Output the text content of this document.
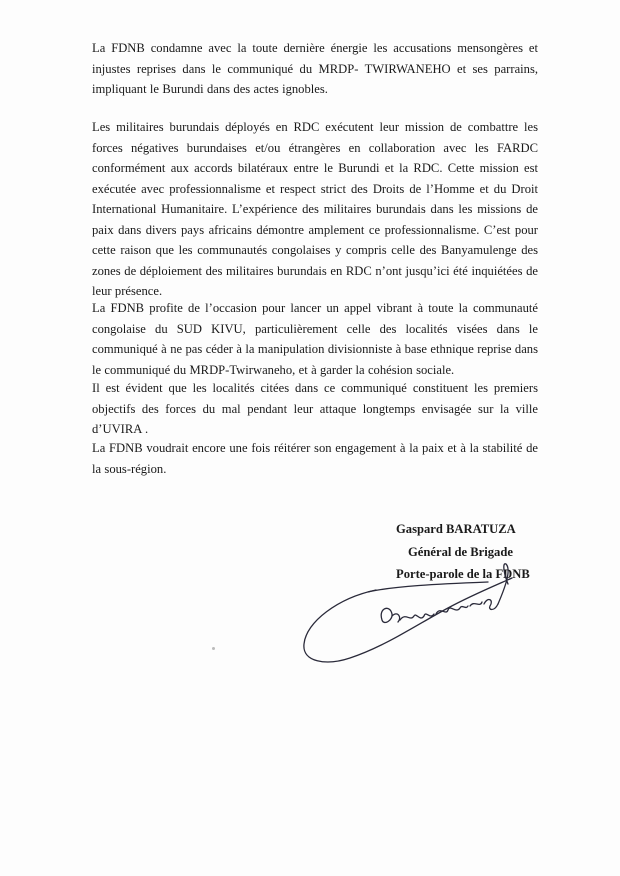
La FDNB condamne avec la toute dernière énergie les accusations mensongères et injustes reprises dans le communiqué du MRDP- TWIRWANEHO et ses parrains, impliquant le Burundi dans des actes ignobles.

Les militaires burundais déployés en RDC exécutent leur mission de combattre les forces négatives burundaises et/ou étrangères en collaboration avec les FARDC conformément aux accords bilatéraux entre le Burundi et la RDC. Cette mission est exécutée avec professionnalisme et respect strict des Droits de l’Homme et du Droit International Humanitaire. L’expérience des militaires burundais dans les missions de paix dans divers pays africains démontre amplement ce professionnalisme. C’est pour cette raison que les communautés congolaises y compris celle des Banyamulenge des zones de déploiement des militaires burundais en RDC n’ont jusqu’ici été inquiétées de leur présence.

La FDNB profite de l’occasion pour lancer un appel vibrant à toute la communauté congolaise du SUD KIVU, particulièrement celle des localités visées dans le communiqué à ne pas céder à la manipulation divisionniste à base ethnique reprise dans le communiqué du MRDP-Twirwaneho, et à garder la cohésion sociale.

Il est évident que les localités citées dans ce communiqué constituent les premiers objectifs des forces du mal pendant leur attaque longtemps envisagée sur la ville d’UVIRA .

La FDNB voudrait encore une fois réitérer son engagement à la paix et à la stabilité de la sous-région.

Gaspard BARATUZA
Général de Brigade
Porte-parole de la FDNB
